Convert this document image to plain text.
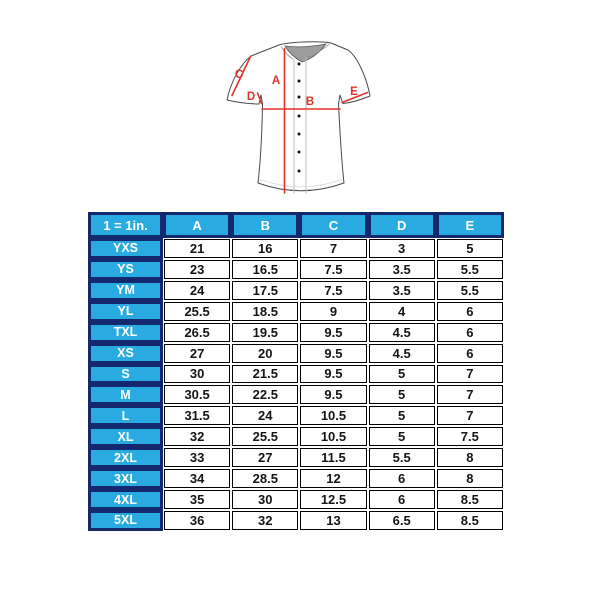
A
B
C
D	E
1 = 1in.	A	B	C	D	E
YXS	21	16	7	3	5
YS	23	16.5	7.5	3.5	5.5
YM	24	17.5	7.5	3.5	5.5
YL	25.5	18.5	9	4	6
TXL	26.5	19.5	9.5	4.5	6
XS	27	20	9.5	4.5	6
S	30	21.5	9.5	5	7
M	30.5	22.5	9.5	5	7
L	31.5	24	10.5	5	7
XL	32	25.5	10.5	5	7.5
2XL	33	27	11.5	5.5	8
3XL	34	28.5	12	6	8
4XL	35	30	12.5	6	8.5
5XL	36	32	13	6.5	8.5
